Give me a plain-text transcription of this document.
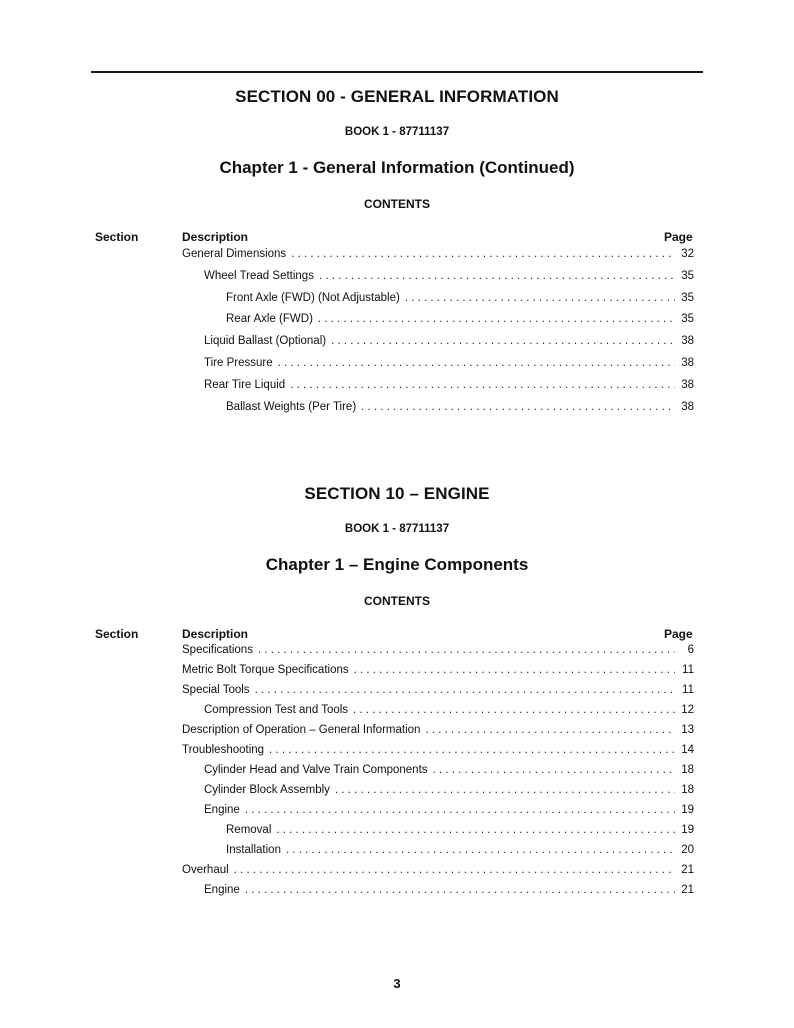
SECTION 00 - GENERAL INFORMATION
BOOK 1 - 87711137
Chapter 1 - General Information (Continued)
CONTENTS
Section	Description	Page
General Dimensions . . .	32
Wheel Tread Settings . . .	35
Front Axle (FWD) (Not Adjustable) . . .	35
Rear Axle (FWD) . . .	35
Liquid Ballast (Optional) . . .	38
Tire Pressure . . .	38
Rear Tire Liquid . . .	38
Ballast Weights (Per Tire) . . .	38
SECTION 10 – ENGINE
BOOK 1 - 87711137
Chapter 1 – Engine Components
CONTENTS
Section	Description	Page
Specifications . . .	6
Metric Bolt Torque Specifications . . .	11
Special Tools . . .	11
Compression Test and Tools . . .	12
Description of Operation – General Information . . .	13
Troubleshooting . . .	14
Cylinder Head and Valve Train Components . . .	18
Cylinder Block Assembly . . .	18
Engine . . .	19
Removal . . .	19
Installation . . .	20
Overhaul . . .	21
Engine . . .	21
3
